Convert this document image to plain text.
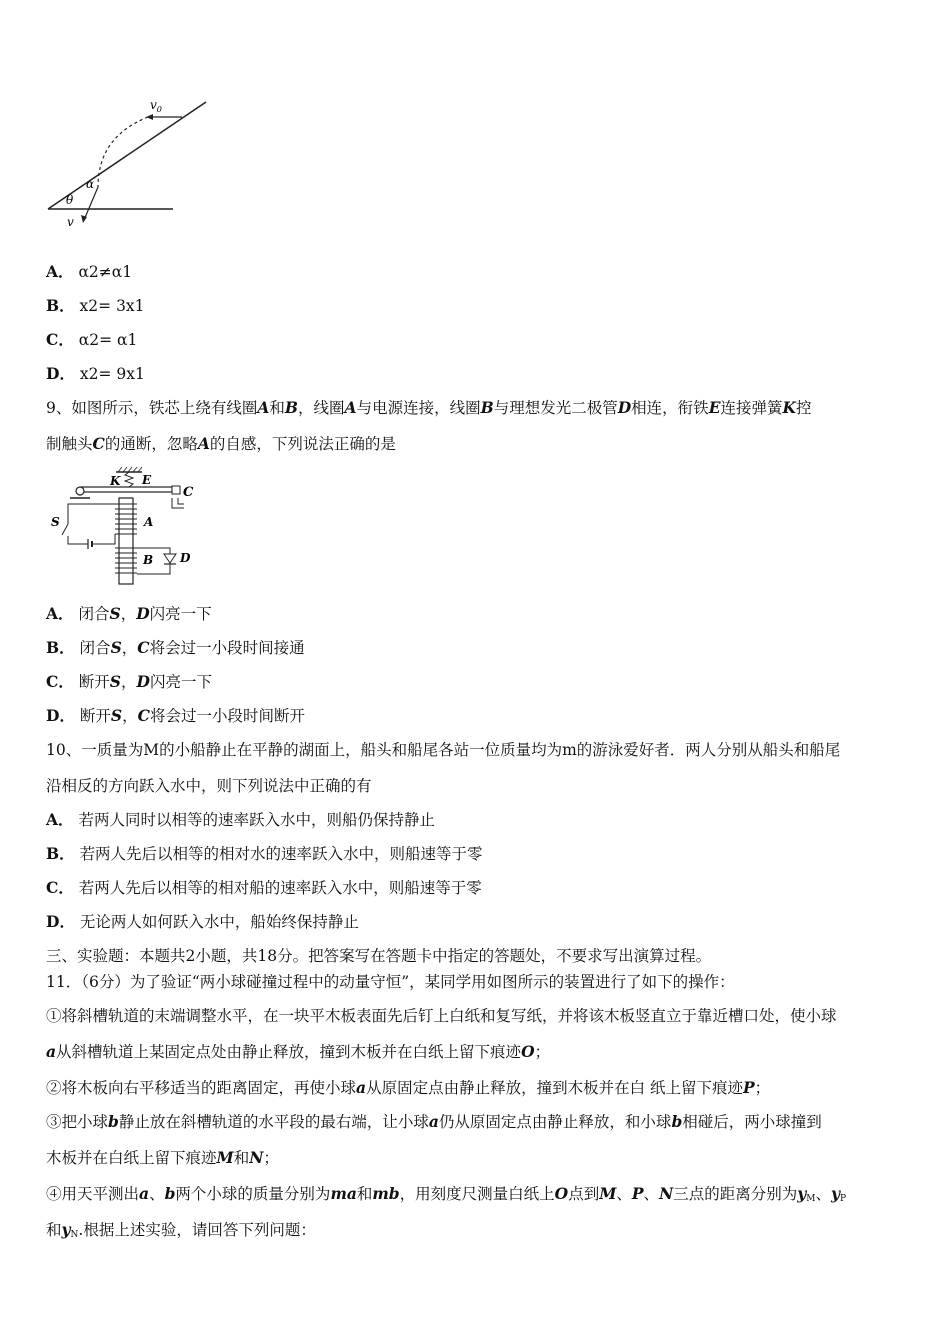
$v_0$
α
θ
v
A． α2≠α1
B． x2= 3x1
C． α2= α1
D． x2= 9x1
9、如图所示，铁芯上绕有线圈A和B，线圈A与电源连接，线圈B与理想发光二极管D相连，衔铁E连接弹簧K控
制触头C的通断，忽略A的自感，下列说法正确的是
K E
C
S	A
B D
A． 闭合S，D闪亮一下
B． 闭合S，C将会过一小段时间接通
C． 断开S，D闪亮一下
D． 断开S，C将会过一小段时间断开
10、一质量为M的小船静止在平静的湖面上，船头和船尾各站一位质量均为m的游泳爱好者．两人分别从船头和船尾
沿相反的方向跃入水中，则下列说法中正确的有
A． 若两人同时以相等的速率跃入水中，则船仍保持静止
B． 若两人先后以相等的相对水的速率跃入水中，则船速等于零
C． 若两人先后以相等的相对船的速率跃入水中，则船速等于零
D． 无论两人如何跃入水中，船始终保持静止
三、实验题：本题共2小题，共18分。把答案写在答题卡中指定的答题处，不要求写出演算过程。
11．（6分）为了验证“两小球碰撞过程中的动量守恒”，某同学用如图所示的装置进行了如下的操作：
①将斜槽轨道的末端调整水平，在一块平木板表面先后钉上白纸和复写纸，并将该木板竖直立于靠近槽口处，使小球
a从斜槽轨道上某固定点处由静止释放，撞到木板并在白纸上留下痕迹O；
②将木板向右平移适当的距离固定，再使小球a从原固定点由静止释放，撞到木板并在白 纸上留下痕迹P；
③把小球b静止放在斜槽轨道的水平段的最右端，让小球a仍从原固定点由静止释放，和小球b相碰后，两小球撞到
木板并在白纸上留下痕迹M和N；
④用天平测出a、b两个小球的质量分别为ma和mb，用刻度尺测量白纸上O点到M、P、N三点的距离分别为$y_M$、$y_P$
和$y_N$.根据上述实验，请回答下列问题：
